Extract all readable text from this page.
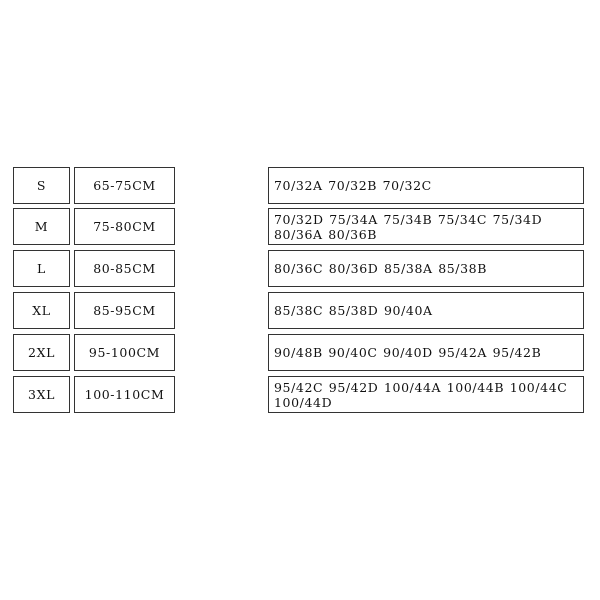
S	65-75CM	70/32A 70/32B 70/32C
M	75-80CM	70/32D 75/34A 75/34B 75/34C 75/34D 80/36A 80/36B
L	80-85CM	80/36C 80/36D 85/38A 85/38B
XL	85-95CM	85/38C 85/38D 90/40A
2XL	95-100CM	90/48B 90/40C 90/40D 95/42A 95/42B
3XL	100-110CM	95/42C 95/42D 100/44A 100/44B 100/44C 100/44D
